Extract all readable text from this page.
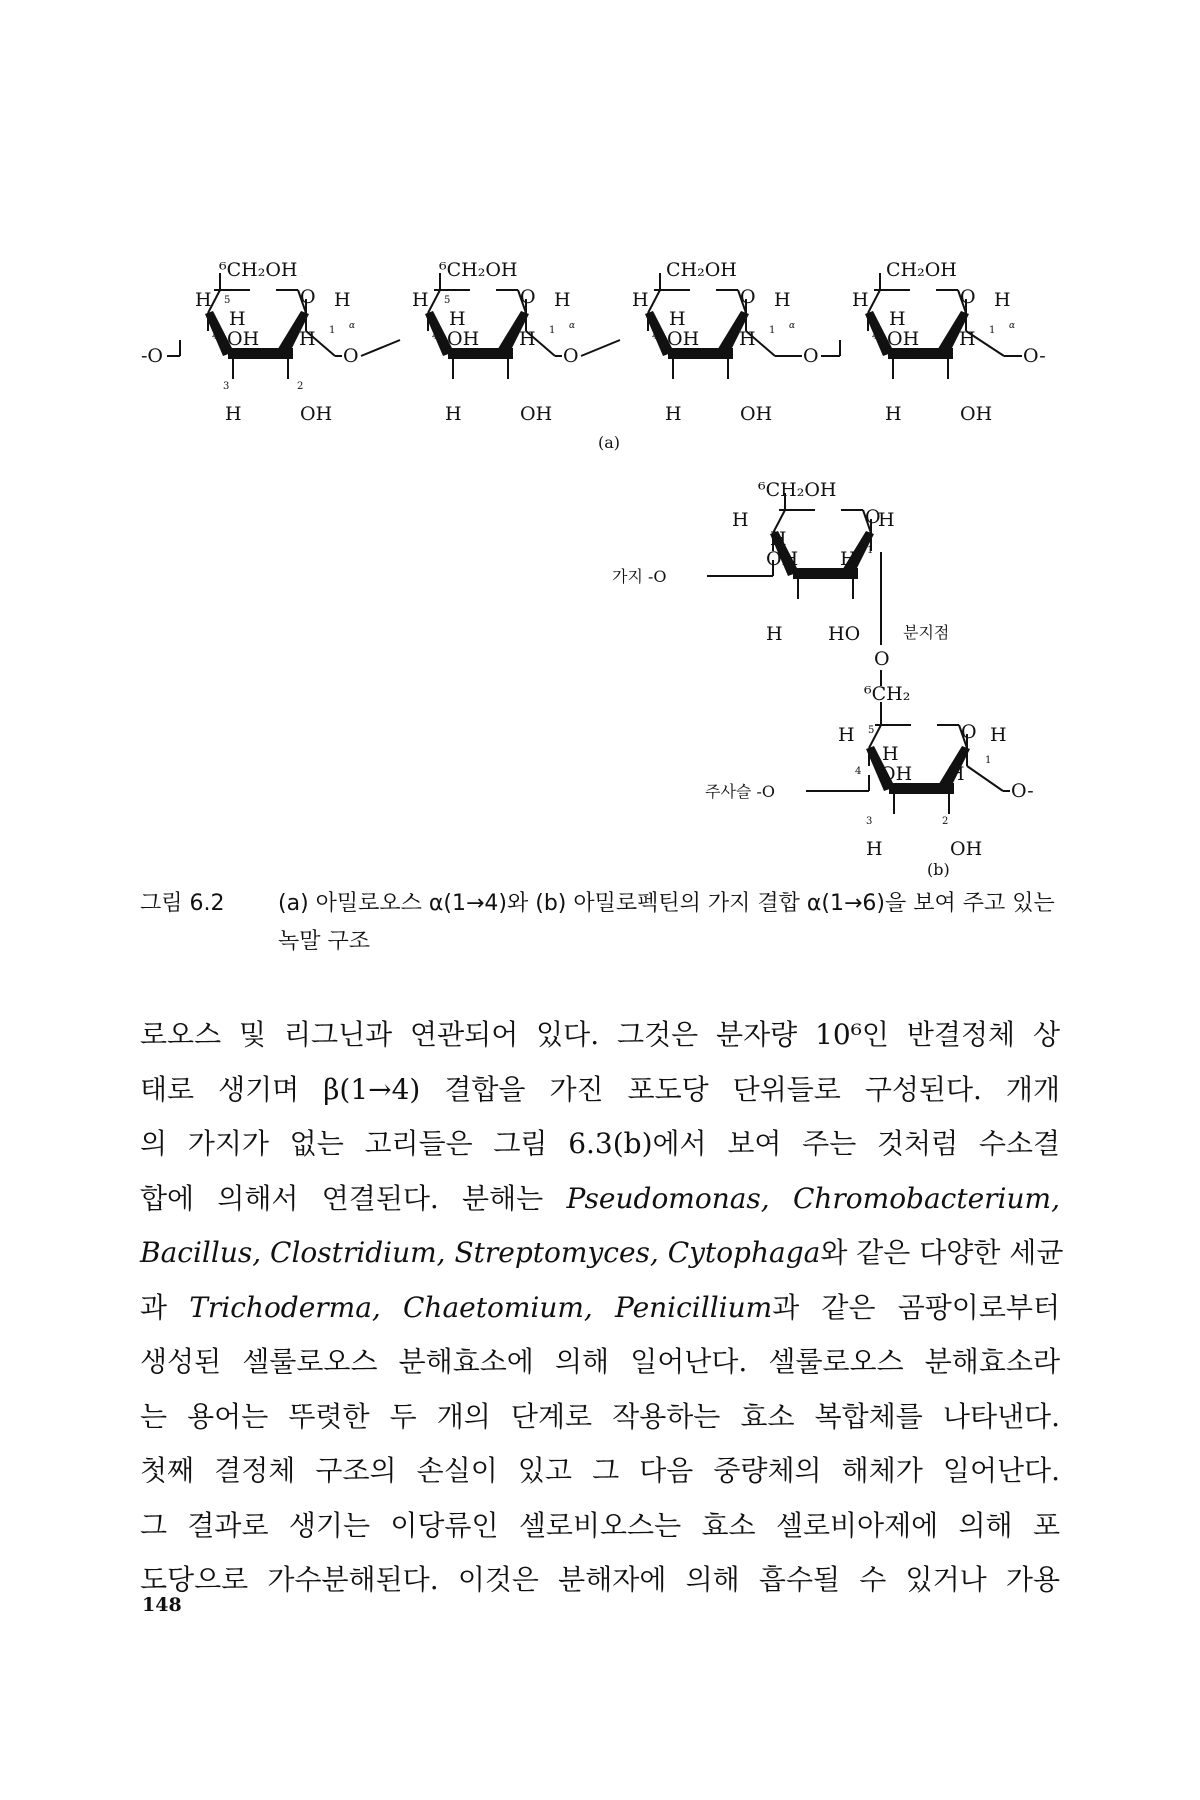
-O
⁶CH₂OH
O
H
H
OH H
H
H	OH
5
4
3	2
1 α
O
⁶CH₂OH
O
H
H
OH H
H
H	OH
5
4
1 α
O
CH₂OH
O
H
H
OH H
H
H	OH
4
1 α
O
CH₂OH
O
H
H
OH H
H
H	OH
4
1 α
O-
(a)
⁶CH₂OH
O
H
H
OH H
H
1
H HO
가지 -O
O
분지점
⁶CH₂
O
H
H
OH H
H
H	OH
5
4
3	2
1
주사슬 -O	O-
(b)
그림 6.2 (a) 아밀로오스 α(1→4)와 (b) 아밀로펙틴의 가지 결합 α(1→6)을 보여 주고 있는 녹말 구조
로오스 및 리그닌과 연관되어 있다. 그것은 분자량 10⁶인 반결정체 상
태로 생기며 β(1→4) 결합을 가진 포도당 단위들로 구성된다. 개개
의 가지가 없는 고리들은 그림 6.3(b)에서 보여 주는 것처럼 수소결
합에 의해서 연결된다. 분해는 Pseudomonas, Chromobacterium,
Bacillus, Clostridium, Streptomyces, Cytophaga와 같은 다양한 세균
과 Trichoderma, Chaetomium, Penicillium과 같은 곰팡이로부터
생성된 셀룰로오스 분해효소에 의해 일어난다. 셀룰로오스 분해효소라
는 용어는 뚜렷한 두 개의 단계로 작용하는 효소 복합체를 나타낸다.
첫째 결정체 구조의 손실이 있고 그 다음 중량체의 해체가 일어난다.
그 결과로 생기는 이당류인 셀로비오스는 효소 셀로비아제에 의해 포
도당으로 가수분해된다. 이것은 분해자에 의해 흡수될 수 있거나 가용
148
